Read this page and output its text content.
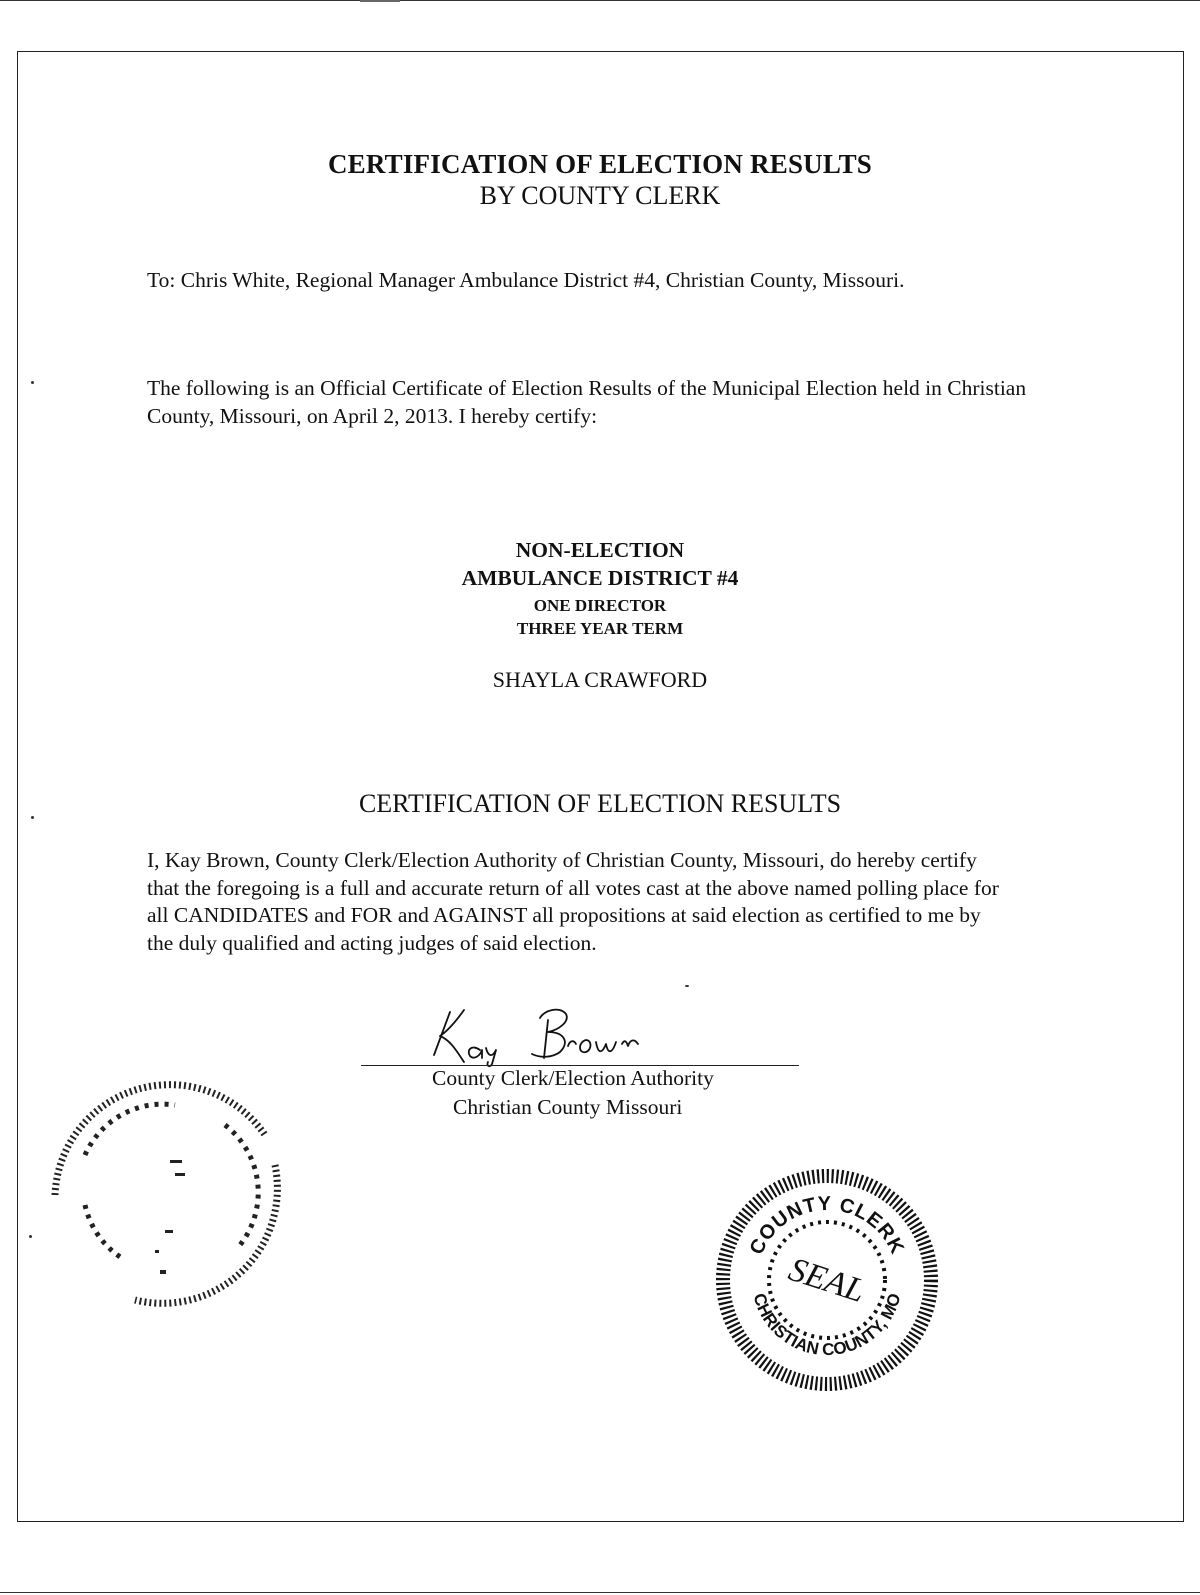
CERTIFICATION OF ELECTION RESULTS
BY COUNTY CLERK
To: Chris White, Regional Manager Ambulance District #4, Christian County, Missouri.
The following is an Official Certificate of Election Results of the Municipal Election held in Christian County, Missouri, on April 2, 2013. I hereby certify:
NON-ELECTION
AMBULANCE DISTRICT #4
ONE DIRECTOR
THREE YEAR TERM
SHAYLA CRAWFORD
CERTIFICATION OF ELECTION RESULTS
I, Kay Brown, County Clerk/Election Authority of Christian County, Missouri, do hereby certify that the foregoing is a full and accurate return of all votes cast at the above named polling place for all CANDIDATES and FOR and AGAINST all propositions at said election as certified to me by the duly qualified and acting judges of said election.
County Clerk/Election Authority
Christian County Missouri
COUNTY CLERK
CHRISTIAN COUNTY, MO
SEAL
